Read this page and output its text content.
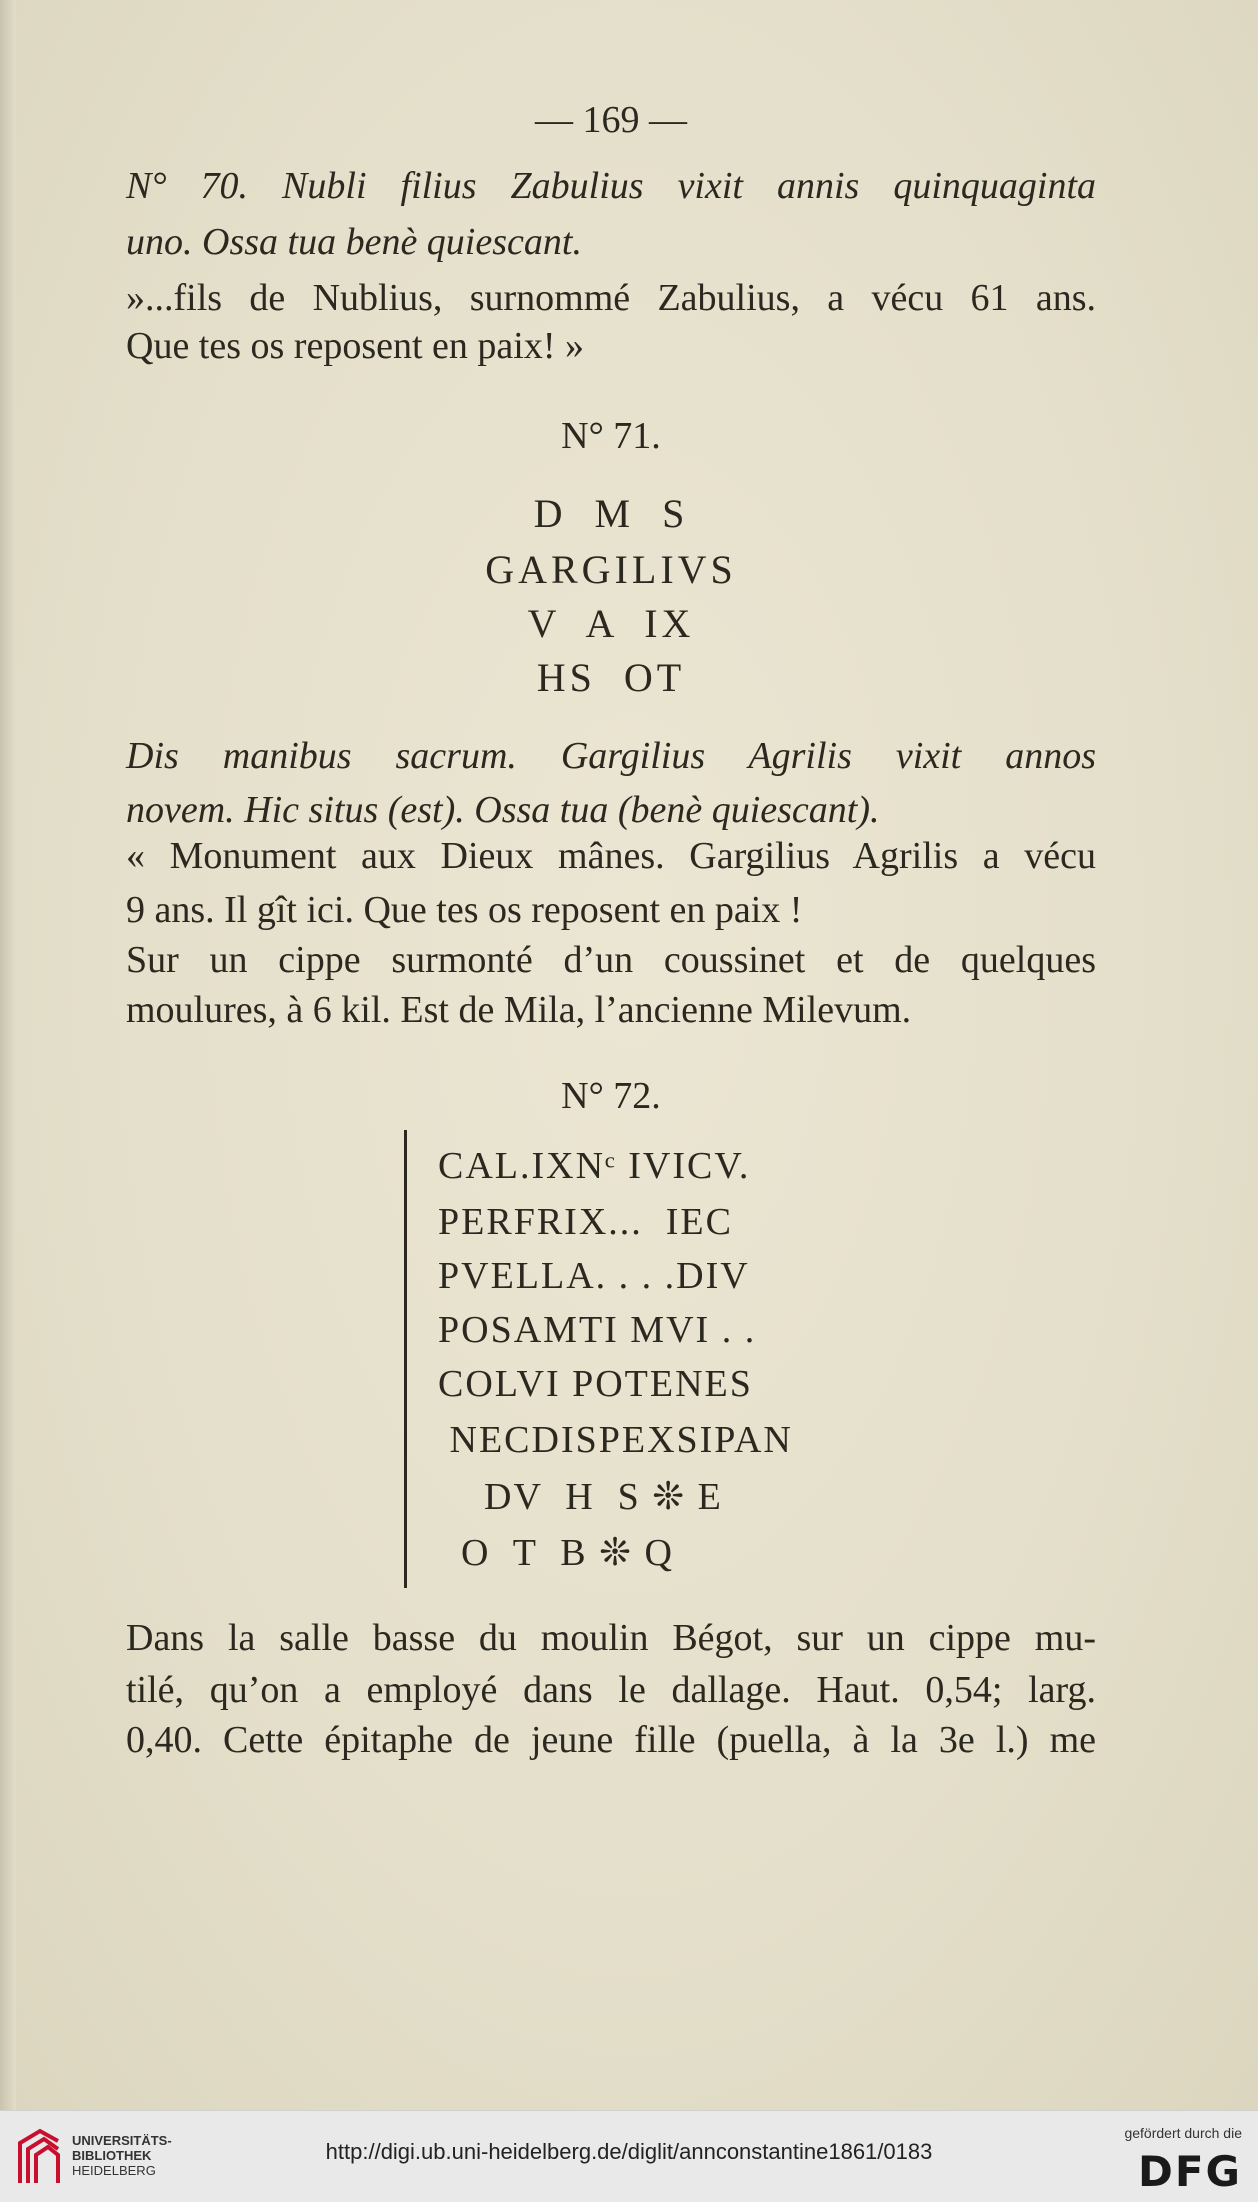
— 169 —
N° 70. Nubli filius Zabulius vixit annis quinquaginta
uno. Ossa tua benè quiescant.
»...fils de Nublius, surnommé Zabulius, a vécu 61 ans.
Que tes os reposent en paix! »
N° 71.
D  M  S
GARGILIVS
V  A  IX
HS  OT
Dis manibus sacrum. Gargilius Agrilis vixit annos
novem. Hic situs (est). Ossa tua (benè quiescant).
« Monument aux Dieux mânes. Gargilius Agrilis a vécu
9 ans. Il gît ici. Que tes os reposent en paix !
Sur un cippe surmonté d’un coussinet et de quelques
moulures, à 6 kil. Est de Mila, l’ancienne Milevum.
N° 72.
CAL.IXNᶜ IVICV.
PERFRIX...  IEC
PVELLA. . . .DIV
POSAMTI MVI . .
COLVI POTENES
NECDISPEXSIPAN
DV  H  S ❊ E
O  T  B ❊ Q
Dans la salle basse du moulin Bégot, sur un cippe mu-
tilé, qu’on a employé dans le dallage. Haut. 0,54; larg.
0,40. Cette épitaphe de jeune fille (puella, à la 3e l.) me
UNIVERSITÄTS-
BIBLIOTHEK
HEIDELBERG
http://digi.ub.uni-heidelberg.de/diglit/annconstantine1861/0183
gefördert durch die
DFG
